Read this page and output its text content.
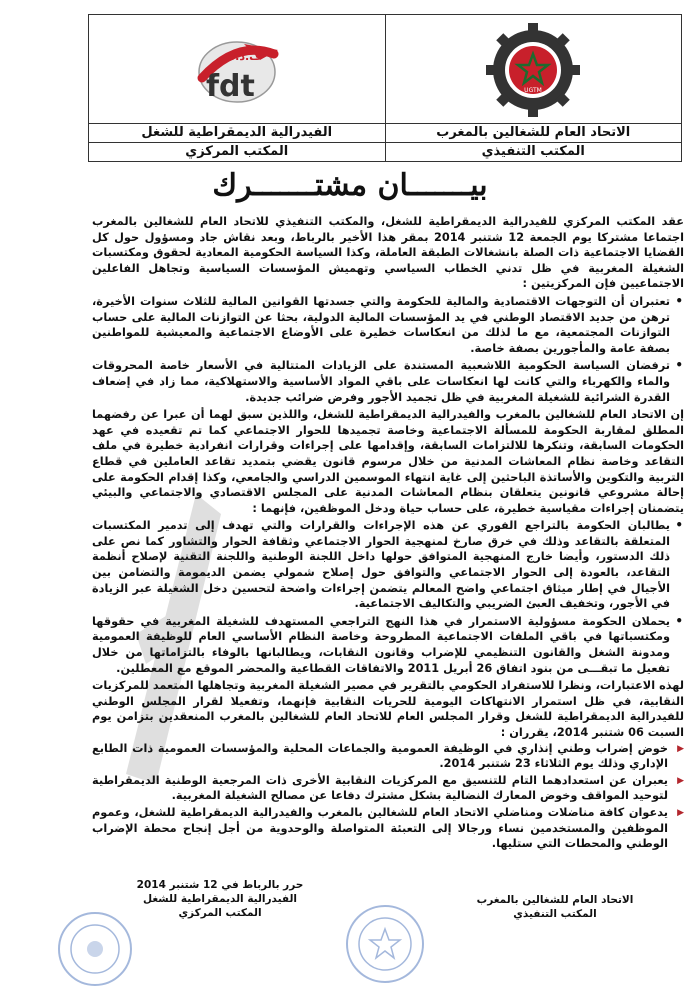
ف.د.ش
fdt
الفيدرالية الديمقراطية للشغل
المكتب المركزي
UGTM
الاتحاد العام للشغالين بالمغرب
المكتب التنفيذي
بيـــــــان مشتـــــــرك

عقد المكتب المركزي للفيدرالية الديمقراطية للشغل، والمكتب التنفيذي للاتحاد العام للشغالين بالمغرب اجتماعا مشتركا يوم الجمعة 12 شتنبر 2014 بمقر هذا الأخير بالرباط، وبعد نقاش جاد ومسؤول حول كل القضايا الاجتماعية ذات الصلة بانشغالات الطبقة العاملة، وكذا السياسة الحكومية المعادية لحقوق ومكتسبات الشغيلة المغربية في ظل تدني الخطاب السياسي وتهميش المؤسسات السياسية وتجاهل الفاعلين الاجتماعيين فإن المركزيتين :

• تعتبران أن التوجهات الاقتصادية والمالية للحكومة والتي جسدتها القوانين المالية للثلاث سنوات الأخيرة، ترهن من جديد الاقتصاد الوطني في يد المؤسسات المالية الدولية، بحثا عن التوازنات المالية على حساب التوازنات المجتمعية، مع ما لذلك من انعكاسات خطيرة على الأوضاع الاجتماعية والمعيشية للمواطنين بصفة عامة والمأجورين بصفة خاصة.
• ترفضان السياسة الحكومية اللاشعبية المستندة على الزيادات المتتالية في الأسعار خاصة المحروقات والماء والكهرباء والتي كانت لها انعكاسات على باقي المواد الأساسية والاستهلاكية، مما زاد في إضعاف القدرة الشرائية للشغيلة المغربية في ظل تجميد الأجور وفرض ضرائب جديدة.

إن الاتحاد العام للشغالين بالمغرب والفيدرالية الديمقراطية للشغل، واللذين سبق لهما أن عبرا عن رفضهما المطلق لمقاربة الحكومة للمسألة الاجتماعية وخاصة تجميدها للحوار الاجتماعي كما تم تقعيده في عهد الحكومات السابقة، وتنكرها للالتزامات السابقة، وإقدامها على إجراءات وقرارات انفرادية خطيرة في ملف التقاعد وخاصة نظام المعاشات المدنية من خلال مرسوم قانون يقضي بتمديد تقاعد العاملين في قطاع التربية والتكوين والأساتذة الباحثين إلى غاية انتهاء الموسمين الدراسي والجامعي، وكذا إقدام الحكومة على إحالة مشروعي قانونين يتعلقان بنظام المعاشات المدنية على المجلس الاقتصادي والاجتماعي والبيئي يتضمنان إجراءات مقياسية خطيرة، على حساب حياة ودخل الموظفين، فإنهما :

• يطالبان الحكومة بالتراجع الفوري عن هذه الإجراءات والقرارات والتي تهدف إلى تدمير المكتسبات المتعلقة بالتقاعد وذلك في خرق صارخ لمنهجية الحوار الاجتماعي وثقافة الحوار والتشاور كما نص على ذلك الدستور، وأيضا خارج المنهجية المتوافق حولها داخل اللجنة الوطنية واللجنة التقنية لإصلاح أنظمة التقاعد، بالعودة إلى الحوار الاجتماعي والتوافق حول إصلاح شمولي يضمن الديمومة والتضامن بين الأجيال في إطار ميثاق اجتماعي واضح المعالم يتضمن إجراءات واضحة لتحسين دخل الشغيلة عبر الزيادة في الأجور، وتخفيف العبئ الضريبي والتكاليف الاجتماعية.
• يحملان الحكومة مسؤولية الاستمرار في هذا النهج التراجعي المستهدف للشغيلة المغربية في حقوقها ومكتسباتها في باقي الملفات الاجتماعية المطروحة وخاصة النظام الأساسي العام للوظيفة العمومية ومدونة الشغل والقانون التنظيمي للإضراب وقانون النقابات، ويطالبانها بالوفاء بالتزاماتها من خلال تفعيل ما تبقـــى من بنود اتفاق 26 أبريل 2011 والاتفاقات القطاعية والمحضر الموقع مع المعطلين.

لهذه الاعتبارات، ونظرا للاستفراد الحكومي بالتقرير في مصير الشغيلة المغربية وتجاهلها المتعمد للمركزيات النقابية، في ظل استمرار الانتهاكات اليومية للحريات النقابية فإنهما، وتفعيلا لقرار المجلس الوطني للفيدرالية الديمقراطية للشغل وقرار المجلس العام للاتحاد العام للشغالين بالمغرب المنعقدين بتزامن يوم السبت 06 شتنبر 2014، يقرران :

▶ خوض إضراب وطني إنذاري في الوظيفة العمومية والجماعات المحلية والمؤسسات العمومية ذات الطابع الإداري وذلك يوم الثلاثاء 23 شتنبر 2014.
▶ يعبران عن استعدادهما التام للتنسيق مع المركزيات النقابية الأخرى ذات المرجعية الوطنية الديمقراطية لتوحيد المواقف وخوض المعارك النضالية بشكل مشترك دفاعا عن مصالح الشغيلة المغربية.
▶ يدعوان كافة مناضلات ومناضلي الاتحاد العام للشغالين بالمغرب والفيدرالية الديمقراطية للشغل، وعموم الموظفين والمستخدمين نساء ورجالا إلى التعبئة المتواصلة والوحدوية من أجل إنجاح محطة الإضراب الوطني والمحطات التي ستليها.
حرر بالرباط في 12 شتنبر 2014
الفيدرالية الديمقراطية للشغل
المكتب المركزي
الاتحاد العام للشغالين بالمغرب
المكتب التنفيذي
